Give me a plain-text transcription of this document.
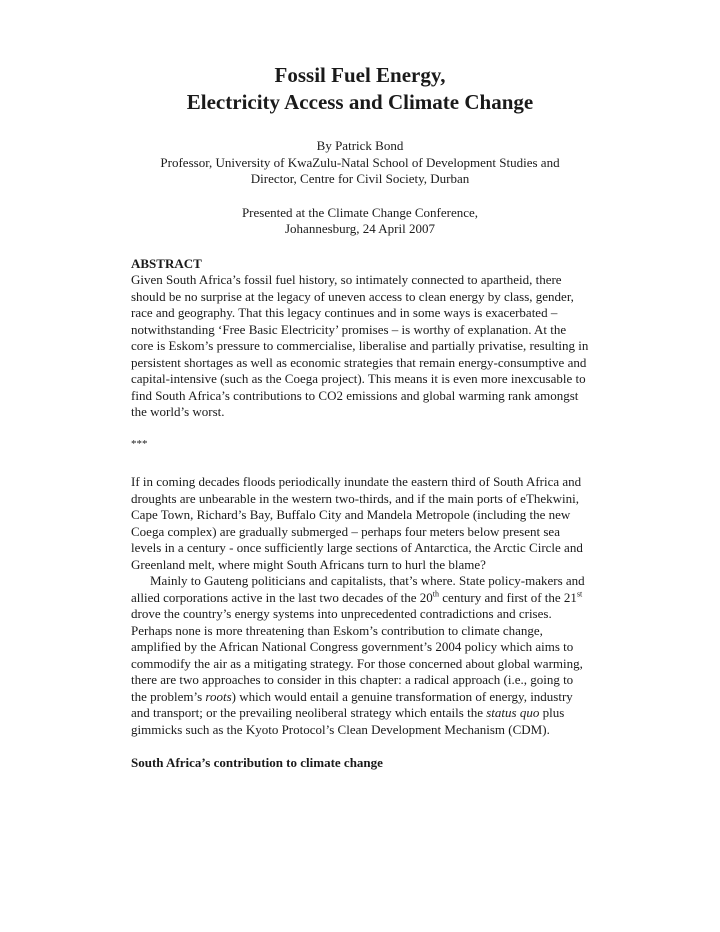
Fossil Fuel Energy,
Electricity Access and Climate Change
By Patrick Bond
Professor, University of KwaZulu-Natal School of Development Studies and
Director, Centre for Civil Society, Durban
Presented at the Climate Change Conference,
Johannesburg, 24 April 2007
ABSTRACT

Given South Africa’s fossil fuel history, so intimately connected to apartheid, there should be no surprise at the legacy of uneven access to clean energy by class, gender, race and geography. That this legacy continues and in some ways is exacerbated – notwithstanding ‘Free Basic Electricity’ promises – is worthy of explanation. At the core is Eskom’s pressure to commercialise, liberalise and partially privatise, resulting in persistent shortages as well as economic strategies that remain energy-consumptive and capital-intensive (such as the Coega project). This means it is even more inexcusable to find South Africa’s contributions to CO2 emissions and global warming rank amongst the world’s worst.

***

If in coming decades floods periodically inundate the eastern third of South Africa and droughts are unbearable in the western two-thirds, and if the main ports of eThekwini, Cape Town, Richard’s Bay, Buffalo City and Mandela Metropole (including the new Coega complex) are gradually submerged – perhaps four meters below present sea levels in a century - once sufficiently large sections of Antarctica, the Arctic Circle and Greenland melt, where might South Africans turn to hurl the blame?

Mainly to Gauteng politicians and capitalists, that’s where. State policy-makers and allied corporations active in the last two decades of the 20th century and first of the 21st drove the country’s energy systems into unprecedented contradictions and crises. Perhaps none is more threatening than Eskom’s contribution to climate change, amplified by the African National Congress government’s 2004 policy which aims to commodify the air as a mitigating strategy. For those concerned about global warming, there are two approaches to consider in this chapter: a radical approach (i.e., going to the problem’s roots) which would entail a genuine transformation of energy, industry and transport; or the prevailing neoliberal strategy which entails the status quo plus gimmicks such as the Kyoto Protocol’s Clean Development Mechanism (CDM).

South Africa’s contribution to climate change
